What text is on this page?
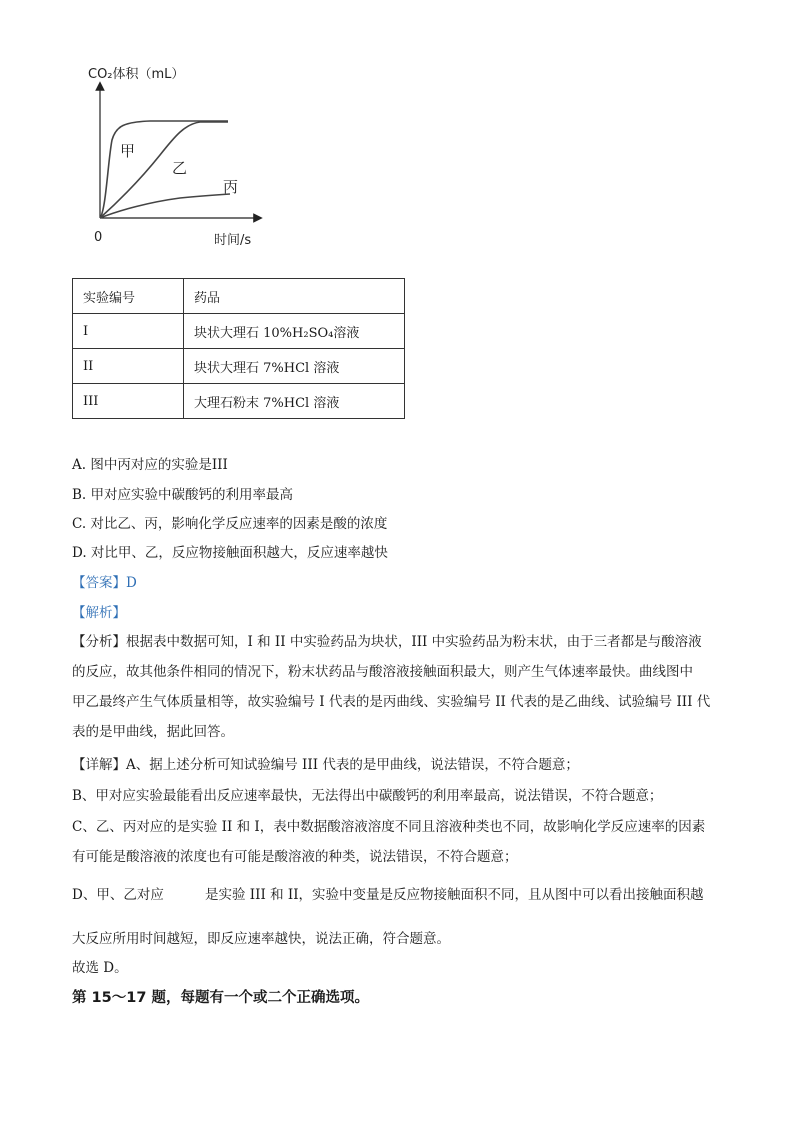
CO₂体积（mL）
0	时间/s
甲
乙
丙
实验编号	药品
I	块状大理石 10%H₂SO₄溶液
II	块状大理石 7%HCl 溶液
III	大理石粉末 7%HCl 溶液
A. 图中丙对应的实验是III
B. 甲对应实验中碳酸钙的利用率最高
C. 对比乙、丙，影响化学反应速率的因素是酸的浓度
D. 对比甲、乙，反应物接触面积越大，反应速率越快
【答案】D
【解析】
【分析】根据表中数据可知，I 和 II 中实验药品为块状，III 中实验药品为粉末状，由于三者都是与酸溶液
的反应，故其他条件相同的情况下，粉末状药品与酸溶液接触面积最大，则产生气体速率最快。曲线图中
甲乙最终产生气体质量相等，故实验编号 I 代表的是丙曲线、实验编号 II 代表的是乙曲线、试验编号 III 代
表的是甲曲线，据此回答。
【详解】A、据上述分析可知试验编号 III 代表的是甲曲线，说法错误，不符合题意；
B、甲对应实验最能看出反应速率最快，无法得出中碳酸钙的利用率最高，说法错误，不符合题意；
C、乙、丙对应的是实验 II 和 I，表中数据酸溶液溶度不同且溶液种类也不同，故影响化学反应速率的因素
有可能是酸溶液的浓度也有可能是酸溶液的种类，说法错误，不符合题意；
D、甲、乙对应	是实验 III 和 II，实验中变量是反应物接触面积不同，且从图中可以看出接触面积越
大反应所用时间越短，即反应速率越快，说法正确，符合题意。
故选 D。
第 15～17 题，每题有一个或二个正确选项。
